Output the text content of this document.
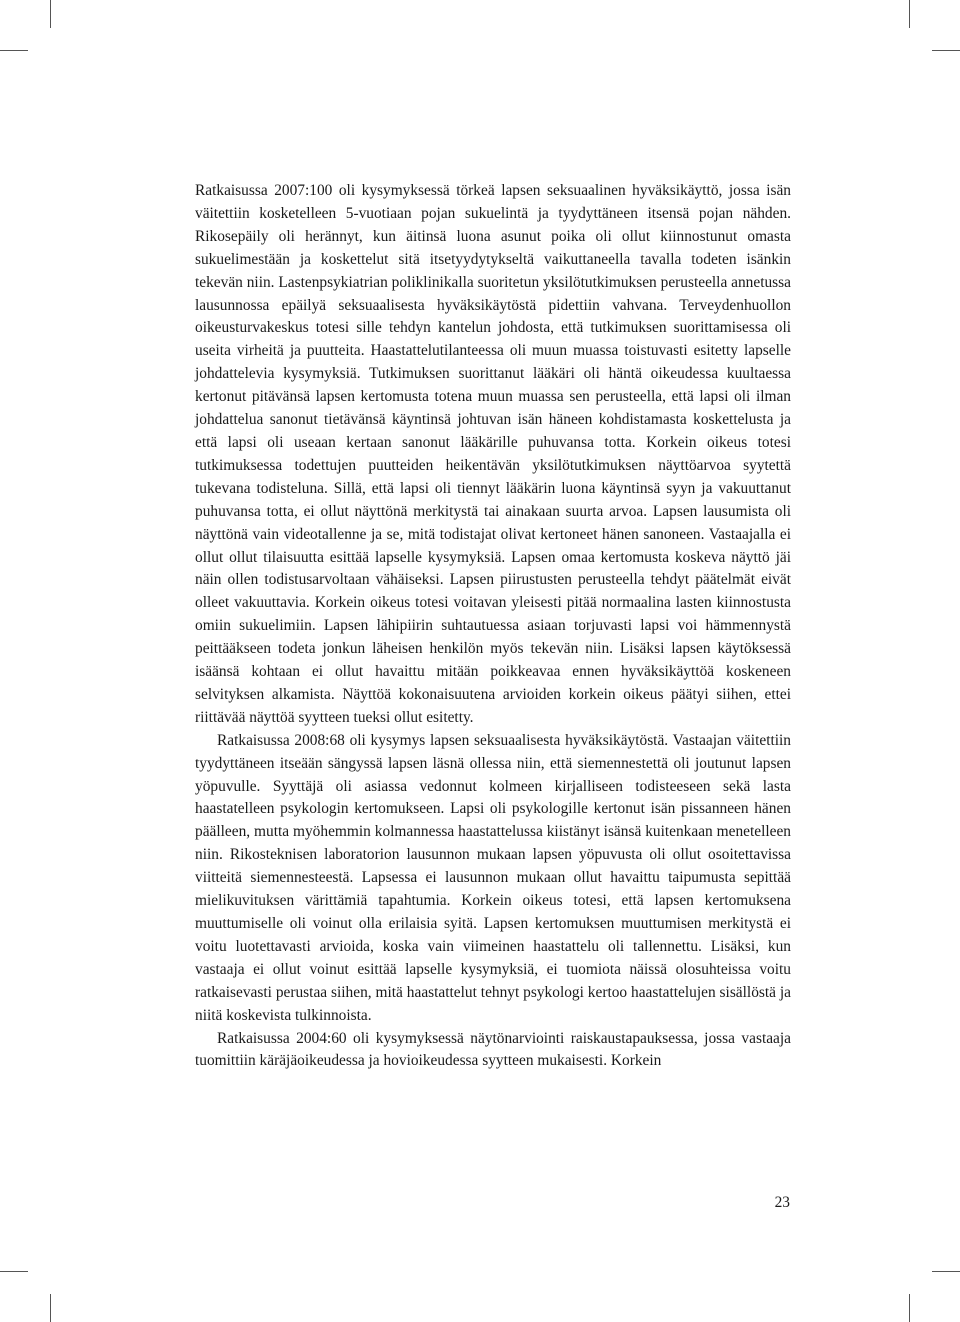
Ratkaisussa 2007:100 oli kysymyksessä törkeä lapsen seksuaalinen hyväksikäyttö, jossa isän väitettiin kosketelleen 5-vuotiaan pojan sukuelintä ja tyydyttäneen itsensä pojan nähden. Rikosepäily oli herännyt, kun äitinsä luona asunut poika oli ollut kiinnostunut omasta sukuelimestään ja koskettelut sitä itsetyydytykseltä vaikuttaneella tavalla todeten isänkin tekevän niin. Lastenpsykiatrian poliklinikalla suoritetun yksilötutkimuksen perusteella annetussa lausunnossa epäilyä seksuaalisesta hyväksikäytöstä pidettiin vahvana. Terveydenhuollon oikeusturvakeskus totesi sille tehdyn kantelun johdosta, että tutkimuksen suorittamisessa oli useita virheitä ja puutteita. Haastattelutilanteessa oli muun muassa toistuvasti esitetty lapselle johdattelevia kysymyksiä. Tutkimuksen suorittanut lääkäri oli häntä oikeudessa kuultaessa kertonut pitävänsä lapsen kertomusta totena muun muassa sen perusteella, että lapsi oli ilman johdattelua sanonut tietävänsä käyntinsä johtuvan isän häneen kohdistamasta koskettelusta ja että lapsi oli useaan kertaan sanonut lääkärille puhuvansa totta. Korkein oikeus totesi tutkimuksessa todettujen puutteiden heikentävän yksilötutkimuksen näyttöarvoa syytettä tukevana todisteluna. Sillä, että lapsi oli tiennyt lääkärin luona käyntinsä syyn ja vakuuttanut puhuvansa totta, ei ollut näyttönä merkitystä tai ainakaan suurta arvoa. Lapsen lausumista oli näyttönä vain videotallenne ja se, mitä todistajat olivat kertoneet hänen sanoneen. Vastaajalla ei ollut ollut tilaisuutta esittää lapselle kysymyksiä. Lapsen omaa kertomusta koskeva näyttö jäi näin ollen todistusarvoltaan vähäiseksi. Lapsen piirustusten perusteella tehdyt päätelmät eivät olleet vakuuttavia. Korkein oikeus totesi voitavan yleisesti pitää normaalina lasten kiinnostusta omiin sukuelimiin. Lapsen lähipiirin suhtautuessa asiaan torjuvasti lapsi voi hämmennystä peittääkseen todeta jonkun läheisen henkilön myös tekevän niin. Lisäksi lapsen käytöksessä isäänsä kohtaan ei ollut havaittu mitään poikkeavaa ennen hyväksikäyttöä koskeneen selvityksen alkamista. Näyttöä kokonaisuutena arvioiden korkein oikeus päätyi siihen, ettei riittävää näyttöä syytteen tueksi ollut esitetty.

Ratkaisussa 2008:68 oli kysymys lapsen seksuaalisesta hyväksikäytöstä. Vastaajan väitettiin tyydyttäneen itseään sängyssä lapsen läsnä ollessa niin, että siemennestettä oli joutunut lapsen yöpuvulle. Syyttäjä oli asiassa vedonnut kolmeen kirjalliseen todisteeseen sekä lasta haastatelleen psykologin kertomukseen. Lapsi oli psykologille kertonut isän pissanneen hänen päälleen, mutta myöhemmin kolmannessa haastattelussa kiistänyt isänsä kuitenkaan menetelleen niin. Rikosteknisen laboratorion lausunnon mukaan lapsen yöpuvusta oli ollut osoitettavissa viitteitä siemennesteestä. Lapsessa ei lausunnon mukaan ollut havaittu taipumusta sepittää mielikuvituksen värittämiä tapahtumia. Korkein oikeus totesi, että lapsen kertomuksena muuttumiselle oli voinut olla erilaisia syitä. Lapsen kertomuksen muuttumisen merkitystä ei voitu luotettavasti arvioida, koska vain viimeinen haastattelu oli tallennettu. Lisäksi, kun vastaaja ei ollut voinut esittää lapselle kysymyksiä, ei tuomiota näissä olosuhteissa voitu ratkaisevasti perustaa siihen, mitä haastattelut tehnyt psykologi kertoo haastattelujen sisällöstä ja niitä koskevista tulkinnoista.

Ratkaisussa 2004:60 oli kysymyksessä näytönarviointi raiskaustapauksessa, jossa vastaaja tuomittiin käräjäoikeudessa ja hovioikeudessa syytteen mukaisesti. Korkein

23
